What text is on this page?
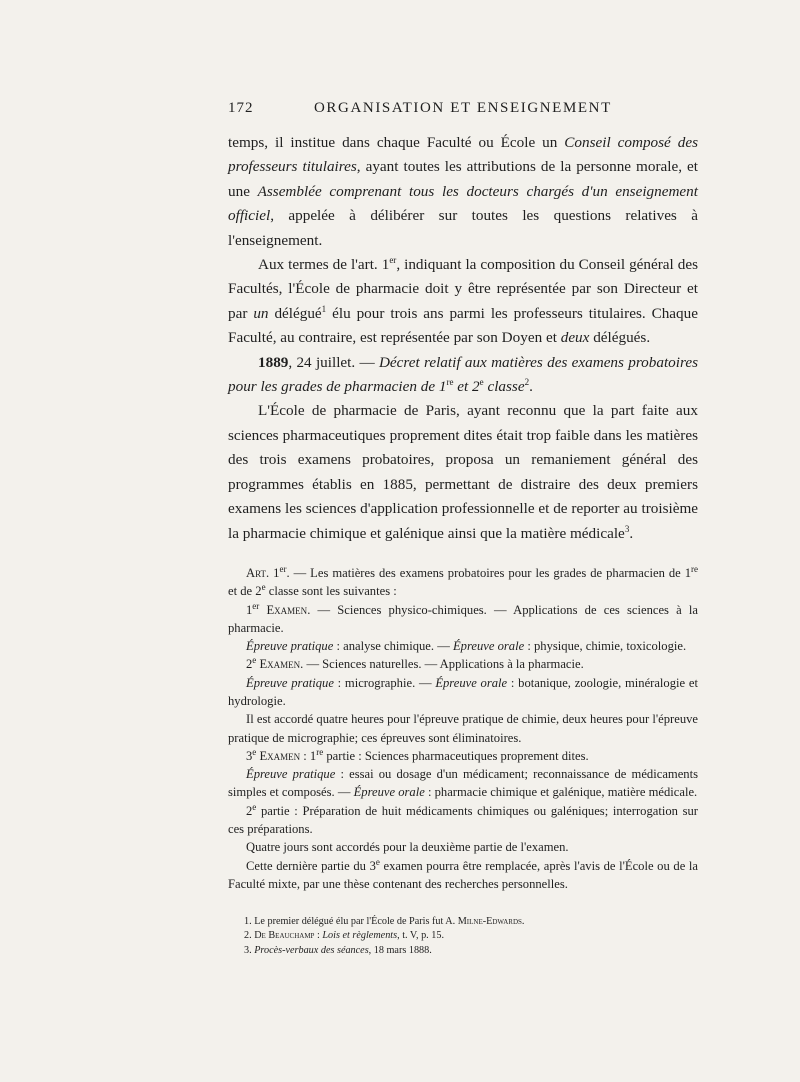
172	ORGANISATION ET ENSEIGNEMENT

temps, il institue dans chaque Faculté ou École un Conseil composé des professeurs titulaires, ayant toutes les attributions de la personne morale, et une Assemblée comprenant tous les docteurs chargés d'un enseignement officiel, appelée à délibérer sur toutes les questions relatives à l'enseignement.

Aux termes de l'art. 1er, indiquant la composition du Conseil général des Facultés, l'École de pharmacie doit y être représentée par son Directeur et par un délégué$^1$ élu pour trois ans parmi les professeurs titulaires. Chaque Faculté, au contraire, est représentée par son Doyen et deux délégués.

1889, 24 juillet. — Décret relatif aux matières des examens probatoires pour les grades de pharmacien de 1re et 2e classe$^2$.

L'École de pharmacie de Paris, ayant reconnu que la part faite aux sciences pharmaceutiques proprement dites était trop faible dans les matières des trois examens probatoires, proposa un remaniement général des programmes établis en 1885, permettant de distraire des deux premiers examens les sciences d'application professionnelle et de reporter au troisième la pharmacie chimique et galénique ainsi que la matière médicale$^3$.

Art. 1er. — Les matières des examens probatoires pour les grades de pharmacien de 1re et de 2e classe sont les suivantes :

1er Examen. — Sciences physico-chimiques. — Applications de ces sciences à la pharmacie.

Épreuve pratique : analyse chimique. — Épreuve orale : physique, chimie, toxicologie.

2e Examen. — Sciences naturelles. — Applications à la pharmacie.

Épreuve pratique : micrographie. — Épreuve orale : botanique, zoologie, minéralogie et hydrologie.

Il est accordé quatre heures pour l'épreuve pratique de chimie, deux heures pour l'épreuve pratique de micrographie; ces épreuves sont éliminatoires.

3e Examen : 1re partie : Sciences pharmaceutiques proprement dites.

Épreuve pratique : essai ou dosage d'un médicament; reconnaissance de médicaments simples et composés. — Épreuve orale : pharmacie chimique et galénique, matière médicale.

2e partie : Préparation de huit médicaments chimiques ou galéniques; interrogation sur ces préparations.

Quatre jours sont accordés pour la deuxième partie de l'examen.

Cette dernière partie du 3e examen pourra être remplacée, après l'avis de l'École ou de la Faculté mixte, par une thèse contenant des recherches personnelles.

1. Le premier délégué élu par l'École de Paris fut A. Milne-Edwards.

2. De Beauchamp : Lois et règlements, t. V, p. 15.

3. Procès-verbaux des séances, 18 mars 1888.
